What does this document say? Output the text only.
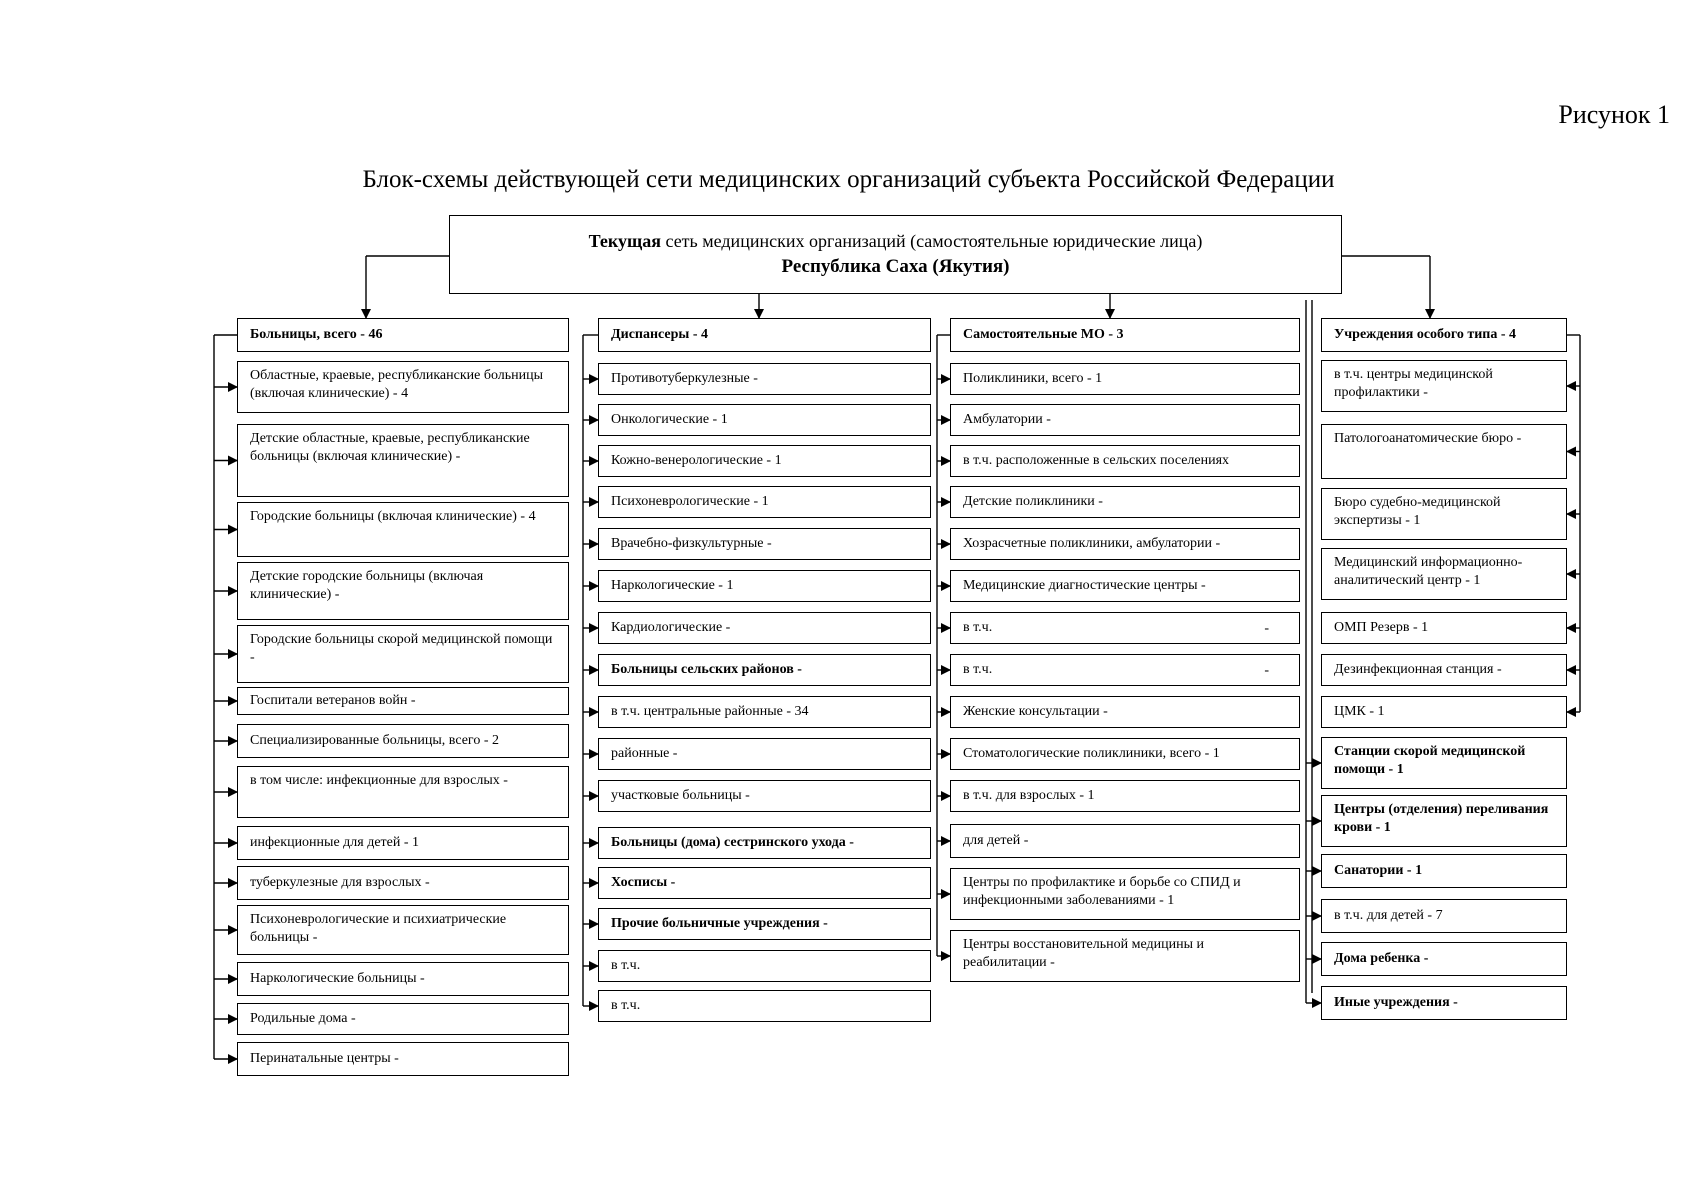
Рисунок 1
Блок-схемы действующей сети медицинских организаций субъекта Российской Федерации
Текущая сеть медицинских организаций (самостоятельные юридические лица)
Республика Саха (Якутия)
Больницы, всего - 46
Областные, краевые, республиканские больницы (включая клинические) - 4
Детские областные, краевые, республиканские больницы (включая клинические) -
Городские больницы (включая клинические) - 4
Детские городские больницы (включая клинические) -
Городские больницы скорой медицинской помощи -
Госпитали ветеранов войн -
Специализированные больницы, всего - 2
в том числе: инфекционные для взрослых -
инфекционные для детей - 1
туберкулезные для взрослых -
Психоневрологические и психиатрические больницы -
Наркологические больницы -
Родильные дома -
Перинатальные центры -
Диспансеры - 4
Противотуберкулезные -
Онкологические - 1
Кожно-венерологические - 1
Психоневрологические - 1
Врачебно-физкультурные -
Наркологические - 1
Кардиологические -
Больницы сельских районов -
в т.ч. центральные районные - 34
районные -
участковые больницы -
Больницы (дома) сестринского ухода -
Хосписы -
Прочие больничные учреждения -
в т.ч.
в т.ч.
Самостоятельные МО - 3
Поликлиники, всего - 1
Амбулатории -
в т.ч. расположенные в сельских поселениях
Детские поликлиники -
Хозрасчетные поликлиники, амбулатории -
Медицинские диагностические центры -
в т.ч.	-
в т.ч.	-
Женские консультации -
Стоматологические поликлиники, всего - 1
в т.ч. для взрослых - 1
для детей -
Центры по профилактике и борьбе со СПИД и инфекционными заболеваниями - 1
Центры восстановительной медицины и реабилитации -
Учреждения особого типа - 4
в т.ч. центры медицинской профилактики -
Патологоанатомические бюро -
Бюро судебно-медицинской экспертизы - 1
Медицинский информационно-аналитический центр - 1
ОМП Резерв - 1
Дезинфекционная станция -
ЦМК - 1
Станции скорой медицинской помощи - 1
Центры (отделения) переливания крови - 1
Санатории - 1
в т.ч. для детей - 7
Дома ребенка -
Иные учреждения -
